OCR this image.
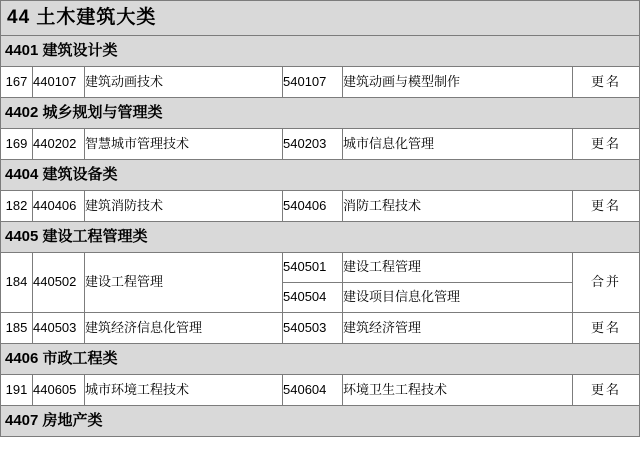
44 土木建筑大类					
4401 建筑设计类					
167	440107	建筑动画技术	540107	建筑动画与模型制作	更名
4402 城乡规划与管理类					
169	440202	智慧城市管理技术	540203	城市信息化管理	更名
4404 建筑设备类					
182	440406	建筑消防技术	540406	消防工程技术	更名
4405 建设工程管理类					
184	440502	建设工程管理	540501	建设工程管理	合并
			540504	建设项目信息化管理	
185	440503	建筑经济信息化管理	540503	建筑经济管理	更名
4406 市政工程类					
191	440605	城市环境工程技术	540604	环境卫生工程技术	更名
4407 房地产类					
